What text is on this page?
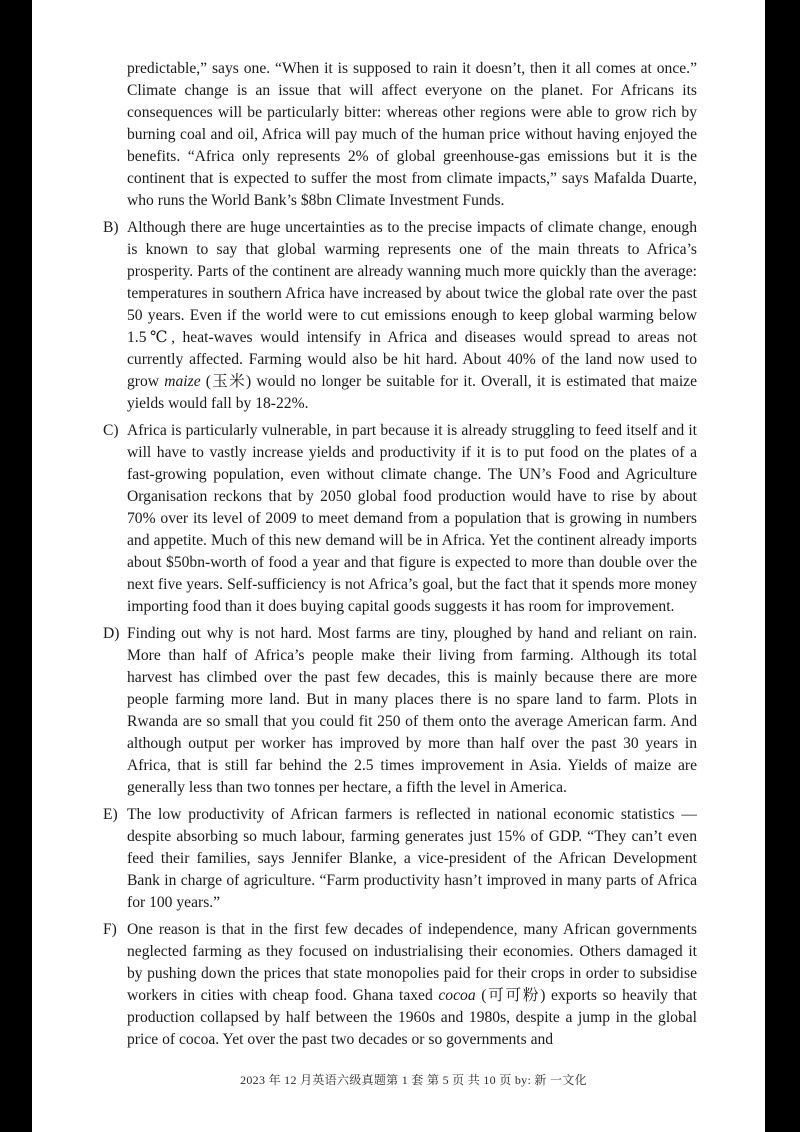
predictable,” says one. “When it is supposed to rain it doesn’t, then it all comes at once.” Climate change is an issue that will affect everyone on the planet. For Africans its consequences will be particularly bitter: whereas other regions were able to grow rich by burning coal and oil, Africa will pay much of the human price without having enjoyed the benefits. “Africa only represents 2% of global greenhouse-gas emissions but it is the continent that is expected to suffer the most from climate impacts,” says Mafalda Duarte, who runs the World Bank’s $8bn Climate Investment Funds.

B) Although there are huge uncertainties as to the precise impacts of climate change, enough is known to say that global warming represents one of the main threats to Africa’s prosperity. Parts of the continent are already wanning much more quickly than the average: temperatures in southern Africa have increased by about twice the global rate over the past 50 years. Even if the world were to cut emissions enough to keep global warming below 1.5℃, heat-waves would intensify in Africa and diseases would spread to areas not currently affected. Farming would also be hit hard. About 40% of the land now used to grow maize (玉米) would no longer be suitable for it. Overall, it is estimated that maize yields would fall by 18-22%.
C) Africa is particularly vulnerable, in part because it is already struggling to feed itself and it will have to vastly increase yields and productivity if it is to put food on the plates of a fast-growing population, even without climate change. The UN’s Food and Agriculture Organisation reckons that by 2050 global food production would have to rise by about 70% over its level of 2009 to meet demand from a population that is growing in numbers and appetite. Much of this new demand will be in Africa. Yet the continent already imports about $50bn-worth of food a year and that figure is expected to more than double over the next five years. Self-sufficiency is not Africa’s goal, but the fact that it spends more money importing food than it does buying capital goods suggests it has room for improvement.
D) Finding out why is not hard. Most farms are tiny, ploughed by hand and reliant on rain. More than half of Africa’s people make their living from farming. Although its total harvest has climbed over the past few decades, this is mainly because there are more people farming more land. But in many places there is no spare land to farm. Plots in Rwanda are so small that you could fit 250 of them onto the average American farm. And although output per worker has improved by more than half over the past 30 years in Africa, that is still far behind the 2.5 times improvement in Asia. Yields of maize are generally less than two tonnes per hectare, a fifth the level in America.
E) The low productivity of African farmers is reflected in national economic statistics —despite absorbing so much labour, farming generates just 15% of GDP. “They can’t even feed their families, says Jennifer Blanke, a vice-president of the African Development Bank in charge of agriculture. “Farm productivity hasn’t improved in many parts of Africa for 100 years.”
F) One reason is that in the first few decades of independence, many African governments neglected farming as they focused on industrialising their economies. Others damaged it by pushing down the prices that state monopolies paid for their crops in order to subsidise workers in cities with cheap food. Ghana taxed cocoa (可可粉) exports so heavily that production collapsed by half between the 1960s and 1980s, despite a jump in the global price of cocoa. Yet over the past two decades or so governments and
2023 年 12 月英语六级真题第 1 套 第 5 页 共 10 页 by: 新 一文化
